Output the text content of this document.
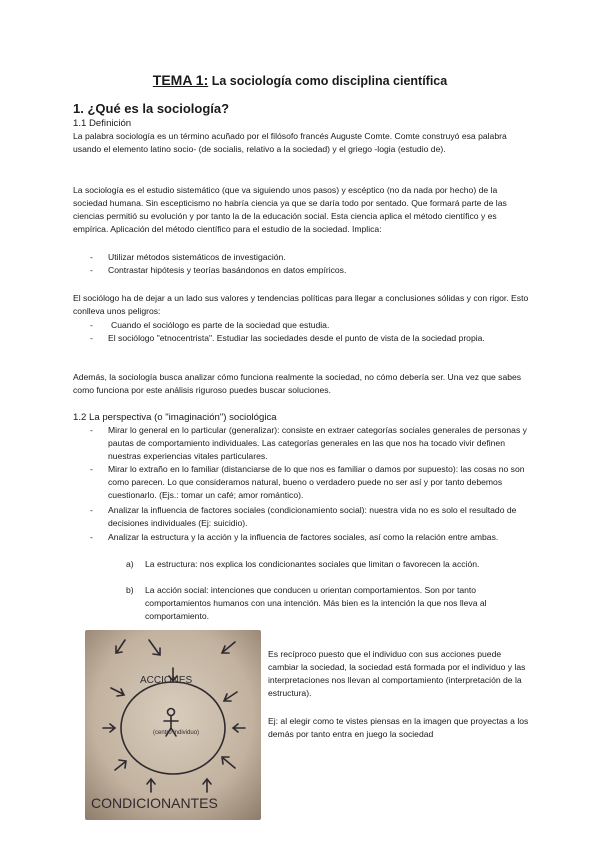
TEMA 1: La sociología como disciplina científica
1. ¿Qué es la sociología?
1.1 Definición
La palabra sociología es un término acuñado por el filósofo francés Auguste Comte. Comte construyó esa palabra usando el elemento latino socio- (de socialis, relativo a la sociedad) y el griego -logia (estudio de).
La sociología es el estudio sistemático (que va siguiendo unos pasos) y escéptico (no da nada por hecho) de la sociedad humana. Sin escepticismo no habría ciencia ya que se daría todo por sentado. Que formará parte de las ciencias permitió su evolución y por tanto la de la educación social. Esta ciencia aplica el método científico y es empírica. Aplicación del método científico para el estudio de la sociedad. Implica:
- Utilizar métodos sistemáticos de investigación.
- Contrastar hipótesis y teorías basándonos en datos empíricos.
El sociólogo ha de dejar a un lado sus valores y tendencias políticas para llegar a conclusiones sólidas y con rigor. Esto conlleva unos peligros:
- Cuando el sociólogo es parte de la sociedad que estudia.
- El sociólogo "etnocentrista". Estudiar las sociedades desde el punto de vista de la sociedad propia.
Además, la sociología busca analizar cómo funciona realmente la sociedad, no cómo debería ser. Una vez que sabes como funciona por este análisis riguroso puedes buscar soluciones.
1.2 La perspectiva (o "imaginación") sociológica
- Mirar lo general en lo particular (generalizar): consiste en extraer categorías sociales generales de personas y pautas de comportamiento individuales. Las categorías generales en las que nos ha tocado vivir definen nuestras experiencias vitales particulares.
- Mirar lo extraño en lo familiar (distanciarse de lo que nos es familiar o damos por supuesto): las cosas no son como parecen. Lo que consideramos natural, bueno o verdadero puede no ser así y por tanto debemos cuestionarlo. (Ejs.: tomar un café; amor romántico).
- Analizar la influencia de factores sociales (condicionamiento social): nuestra vida no es solo el resultado de decisiones individuales (Ej: suicidio).
- Analizar la estructura y la acción y la influencia de factores sociales, así como la relación entre ambas.
a) La estructura: nos explica los condicionantes sociales que limitan o favorecen la acción.
b) La acción social: intenciones que conducen u orientan comportamientos. Son por tanto comportamientos humanos con una intención. Más bien es la intención la que nos lleva al comportamiento.
ACCIONES
(centro individuo)
CONDICIONANTES
Es recíproco puesto que el individuo con sus acciones puede cambiar la sociedad, la sociedad está formada por el individuo y las interpretaciones nos llevan al comportamiento (interpretación de la estructura).
Ej: al elegir como te vistes piensas en la imagen que proyectas a los demás por tanto entra en juego la sociedad
